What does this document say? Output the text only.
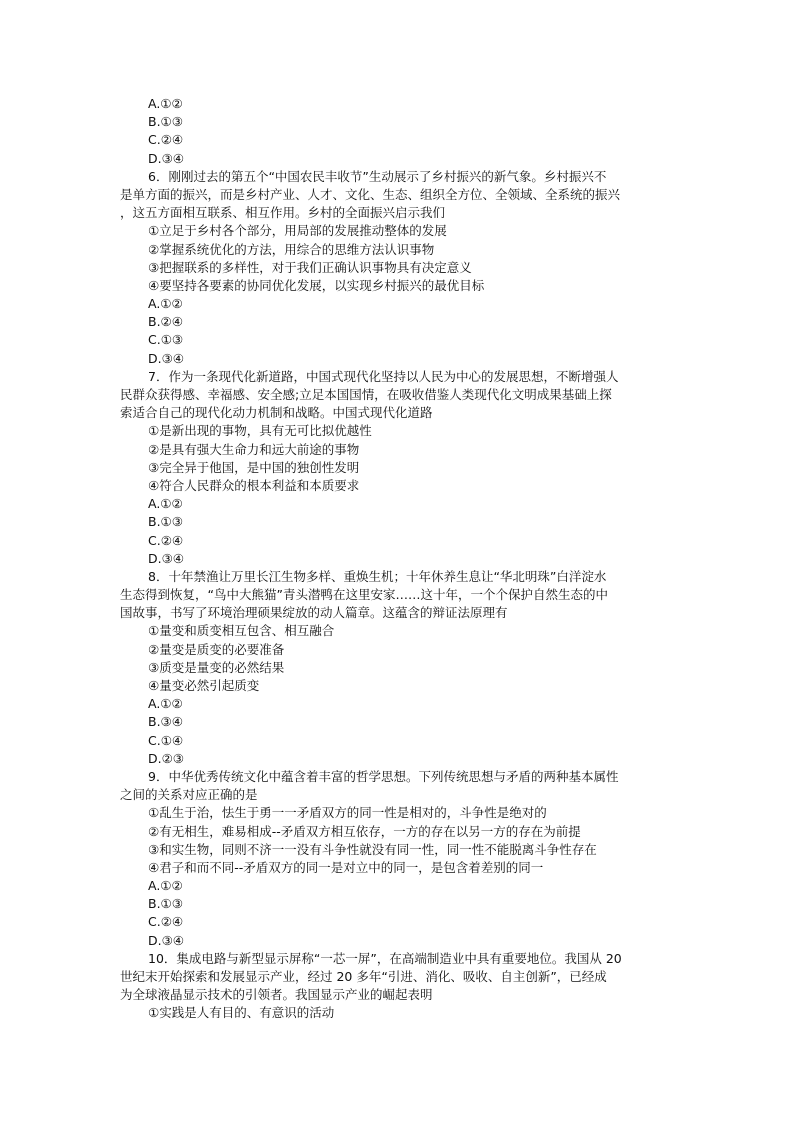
A.①②
B.①③
C.②④
D.③④
6．刚刚过去的第五个“中国农民丰收节”生动展示了乡村振兴的新气象。乡村振兴不
是单方面的振兴，而是乡村产业、人才、文化、生态、组织全方位、全领域、全系统的振兴
，这五方面相互联系、相互作用。乡村的全面振兴启示我们
①立足于乡村各个部分，用局部的发展推动整体的发展
②掌握系统优化的方法，用综合的思维方法认识事物
③把握联系的多样性，对于我们正确认识事物具有决定意义
④要坚持各要素的协同优化发展，以实现乡村振兴的最优目标
A.①②
B.②④
C.①③
D.③④
7．作为一条现代化新道路，中国式现代化坚持以人民为中心的发展思想，不断增强人
民群众获得感、幸福感、安全感;立足本国国情，在吸收借鉴人类现代化文明成果基础上探
索适合自己的现代化动力机制和战略。中国式现代化道路
①是新出现的事物，具有无可比拟优越性
②是具有强大生命力和远大前途的事物
③完全异于他国，是中国的独创性发明
④符合人民群众的根本利益和本质要求
A.①②
B.①③
C.②④
D.③④
8．十年禁渔让万里长江生物多样、重焕生机；十年休养生息让“华北明珠”白洋淀水
生态得到恢复，“鸟中大熊猫”青头潜鸭在这里安家……这十年，一个个保护自然生态的中
国故事，书写了环境治理硕果绽放的动人篇章。这蕴含的辩证法原理有
①量变和质变相互包含、相互融合
②量变是质变的必要准备
③质变是量变的必然结果
④量变必然引起质变
A.①②
B.③④
C.①④
D.②③
9．中华优秀传统文化中蕴含着丰富的哲学思想。下列传统思想与矛盾的两种基本属性
之间的关系对应正确的是
①乱生于治，怯生于勇一一矛盾双方的同一性是相对的，斗争性是绝对的
②有无相生，难易相成--矛盾双方相互依存，一方的存在以另一方的存在为前提
③和实生物，同则不济一一没有斗争性就没有同一性，同一性不能脱离斗争性存在
④君子和而不同--矛盾双方的同一是对立中的同一，是包含着差别的同一
A.①②
B.①③
C.②④
D.③④
10．集成电路与新型显示屏称“一芯一屏”，在高端制造业中具有重要地位。我国从 20
世纪末开始探索和发展显示产业，经过 20 多年“引进、消化、吸收、自主创新”，已经成
为全球液晶显示技术的引领者。我国显示产业的崛起表明
①实践是人有目的、有意识的活动
